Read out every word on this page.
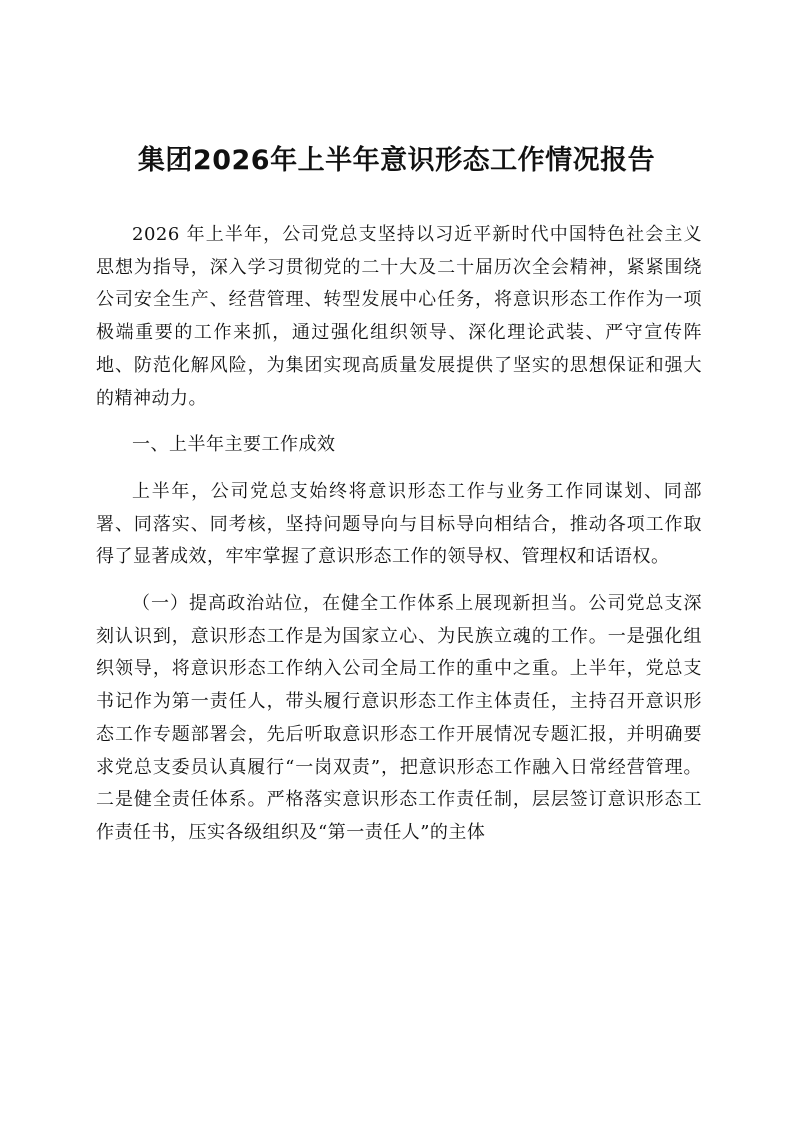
集团2026年上半年意识形态工作情况报告

2026 年上半年，公司党总支坚持以习近平新时代中国特色社会主义思想为指导，深入学习贯彻党的二十大及二十届历次全会精神，紧紧围绕公司安全生产、经营管理、转型发展中心任务，将意识形态工作作为一项极端重要的工作来抓，通过强化组织领导、深化理论武装、严守宣传阵地、防范化解风险，为集团实现高质量发展提供了坚实的思想保证和强大的精神动力。

一、上半年主要工作成效

上半年，公司党总支始终将意识形态工作与业务工作同谋划、同部署、同落实、同考核，坚持问题导向与目标导向相结合，推动各项工作取得了显著成效，牢牢掌握了意识形态工作的领导权、管理权和话语权。

（一）提高政治站位，在健全工作体系上展现新担当。公司党总支深刻认识到，意识形态工作是为国家立心、为民族立魂的工作。一是强化组织领导，将意识形态工作纳入公司全局工作的重中之重。上半年，党总支书记作为第一责任人，带头履行意识形态工作主体责任，主持召开意识形态工作专题部署会，先后听取意识形态工作开展情况专题汇报，并明确要求党总支委员认真履行“一岗双责”，把意识形态工作融入日常经营管理。二是健全责任体系。严格落实意识形态工作责任制，层层签订意识形态工作责任书，压实各级组织及“第一责任人”的主体
